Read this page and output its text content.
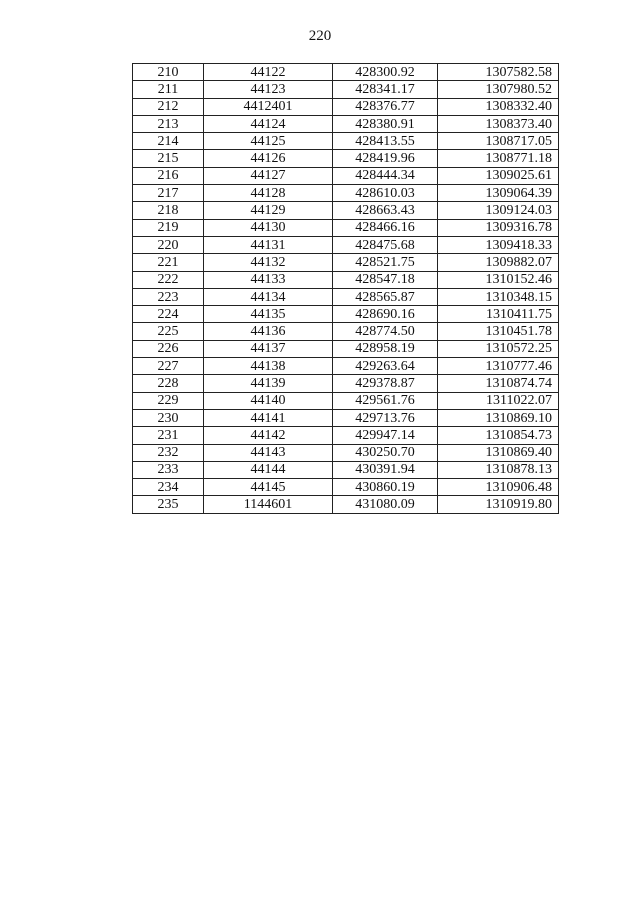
220
210	44122	428300.92	1307582.58
211	44123	428341.17	1307980.52
212	4412401	428376.77	1308332.40
213	44124	428380.91	1308373.40
214	44125	428413.55	1308717.05
215	44126	428419.96	1308771.18
216	44127	428444.34	1309025.61
217	44128	428610.03	1309064.39
218	44129	428663.43	1309124.03
219	44130	428466.16	1309316.78
220	44131	428475.68	1309418.33
221	44132	428521.75	1309882.07
222	44133	428547.18	1310152.46
223	44134	428565.87	1310348.15
224	44135	428690.16	1310411.75
225	44136	428774.50	1310451.78
226	44137	428958.19	1310572.25
227	44138	429263.64	1310777.46
228	44139	429378.87	1310874.74
229	44140	429561.76	1311022.07
230	44141	429713.76	1310869.10
231	44142	429947.14	1310854.73
232	44143	430250.70	1310869.40
233	44144	430391.94	1310878.13
234	44145	430860.19	1310906.48
235	1144601	431080.09	1310919.80
